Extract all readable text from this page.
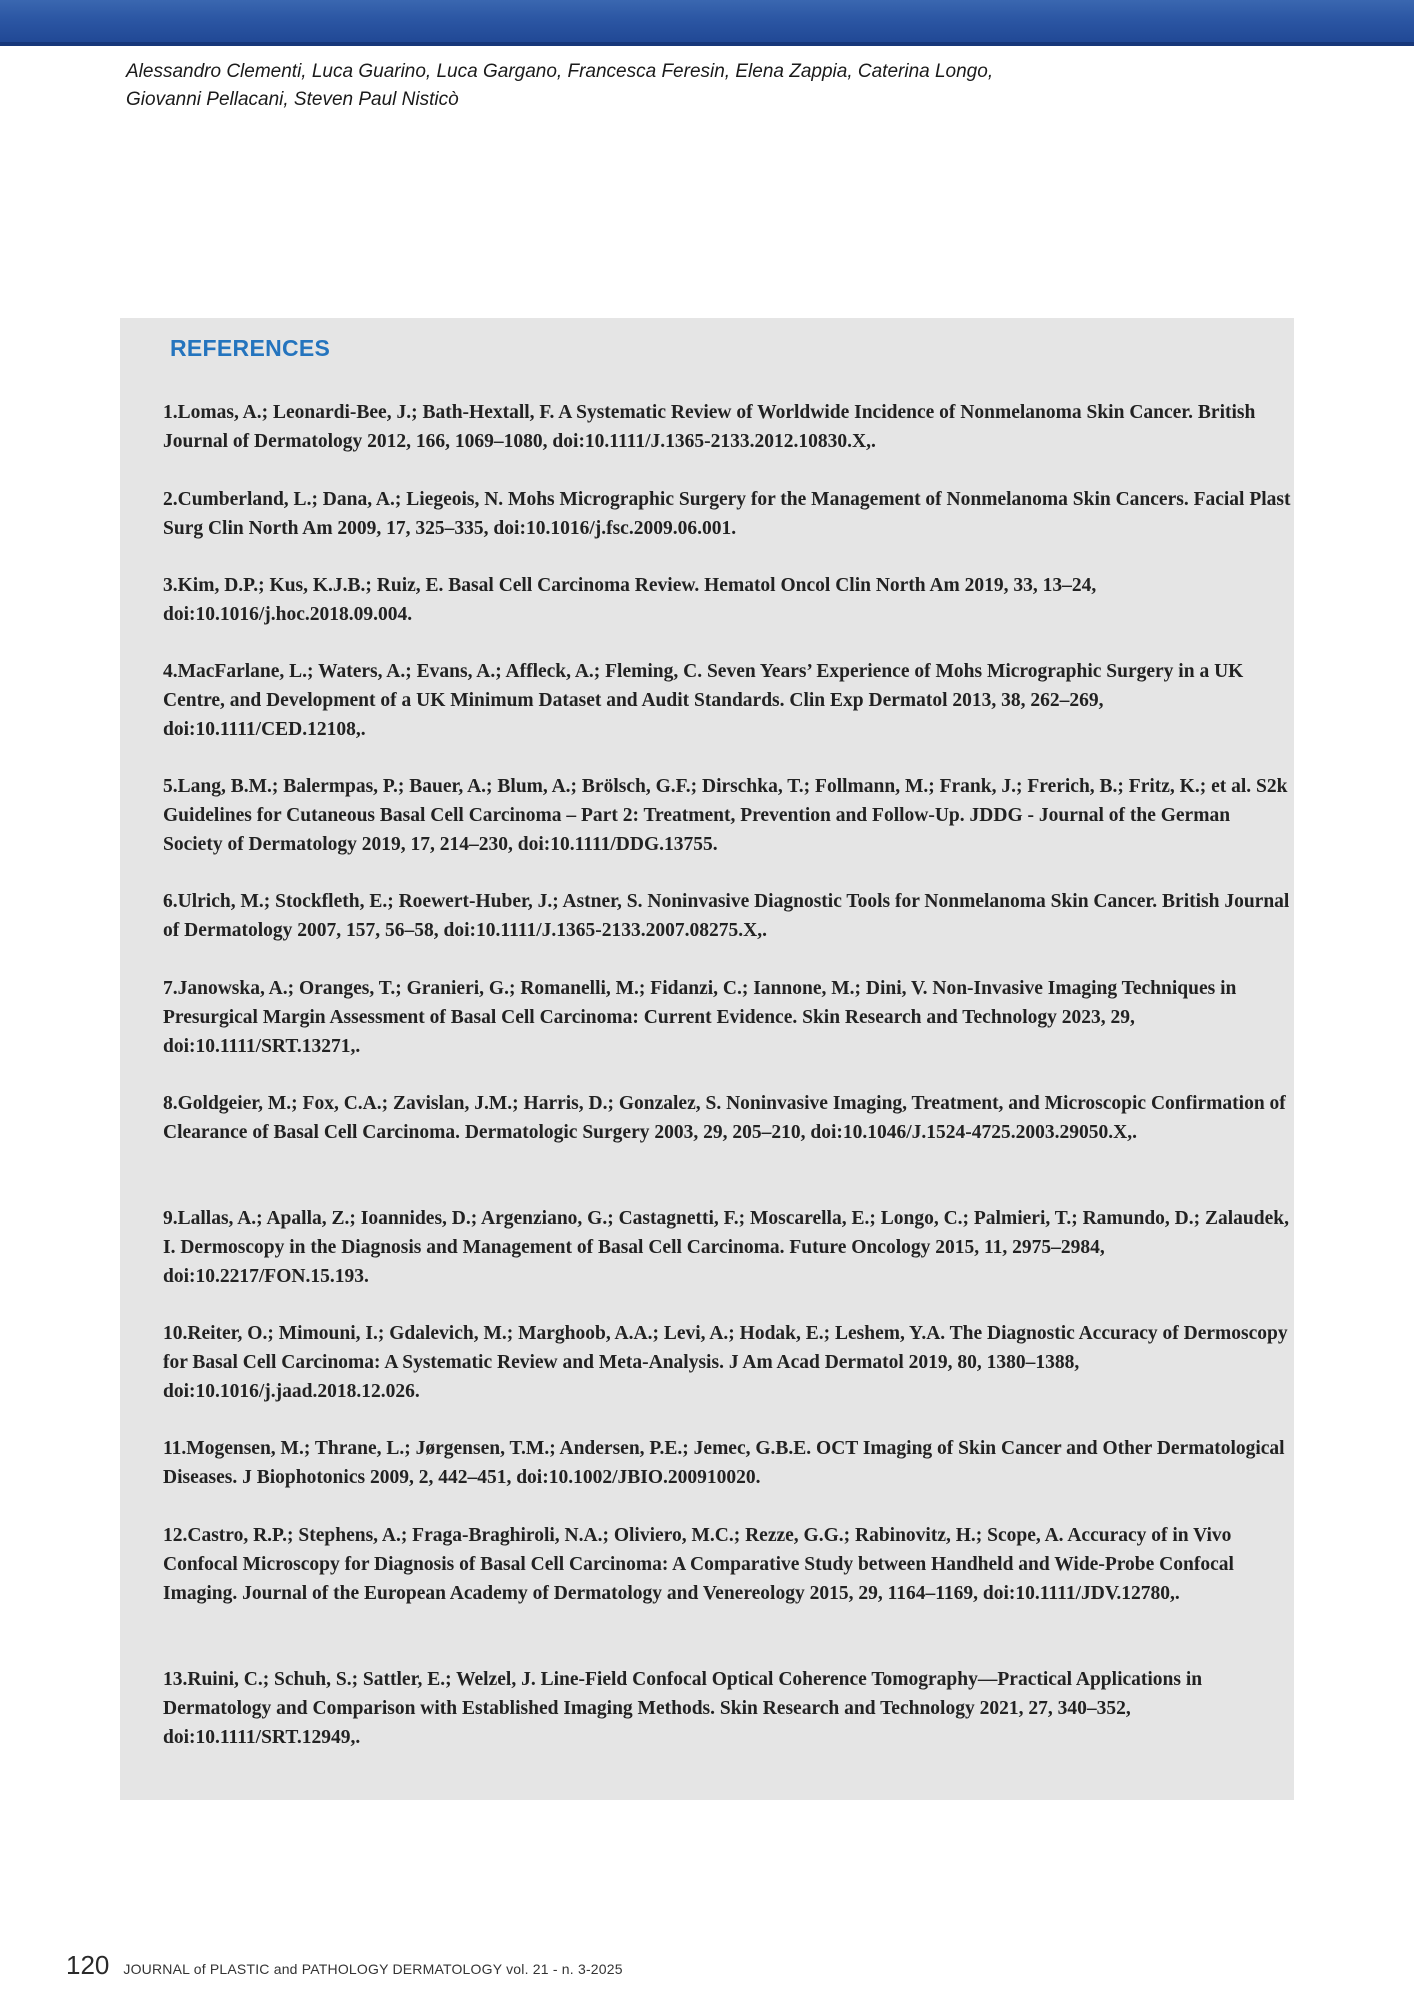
Alessandro Clementi, Luca Guarino, Luca Gargano, Francesca Feresin, Elena Zappia, Caterina Longo,
Giovanni Pellacani, Steven Paul Nisticò
REFERENCES
1.Lomas, A.; Leonardi-Bee, J.; Bath-Hextall, F. A Systematic Review of Worldwide Incidence of Nonmelanoma Skin Cancer. British Journal of Dermatology 2012, 166, 1069–1080, doi:10.1111/J.1365-2133.2012.10830.X,.
2.Cumberland, L.; Dana, A.; Liegeois, N. Mohs Micrographic Surgery for the Management of Nonmelanoma Skin Cancers. Facial Plast Surg Clin North Am 2009, 17, 325–335, doi:10.1016/j.fsc.2009.06.001.
3.Kim, D.P.; Kus, K.J.B.; Ruiz, E. Basal Cell Carcinoma Review. Hematol Oncol Clin North Am 2019, 33, 13–24, doi:10.1016/j.hoc.2018.09.004.
4.MacFarlane, L.; Waters, A.; Evans, A.; Affleck, A.; Fleming, C. Seven Years’ Experience of Mohs Micrographic Surgery in a UK Centre, and Development of a UK Minimum Dataset and Audit Standards. Clin Exp Dermatol 2013, 38, 262–269, doi:10.1111/CED.12108,.
5.Lang, B.M.; Balermpas, P.; Bauer, A.; Blum, A.; Brölsch, G.F.; Dirschka, T.; Follmann, M.; Frank, J.; Frerich, B.; Fritz, K.; et al. S2k Guidelines for Cutaneous Basal Cell Carcinoma – Part 2: Treatment, Prevention and Follow-Up. JDDG - Journal of the German Society of Dermatology 2019, 17, 214–230, doi:10.1111/DDG.13755.
6.Ulrich, M.; Stockfleth, E.; Roewert-Huber, J.; Astner, S. Noninvasive Diagnostic Tools for Nonmelanoma Skin Cancer. British Journal of Dermatology 2007, 157, 56–58, doi:10.1111/J.1365-2133.2007.08275.X,.
7.Janowska, A.; Oranges, T.; Granieri, G.; Romanelli, M.; Fidanzi, C.; Iannone, M.; Dini, V. Non-Invasive Imaging Techniques in Presurgical Margin Assessment of Basal Cell Carcinoma: Current Evidence. Skin Research and Technology 2023, 29, doi:10.1111/SRT.13271,.
8.Goldgeier, M.; Fox, C.A.; Zavislan, J.M.; Harris, D.; Gonzalez, S. Noninvasive Imaging, Treatment, and Microscopic Confirmation of Clearance of Basal Cell Carcinoma. Dermatologic Surgery 2003, 29, 205–210, doi:10.1046/J.1524-4725.2003.29050.X,.
9.Lallas, A.; Apalla, Z.; Ioannides, D.; Argenziano, G.; Castagnetti, F.; Moscarella, E.; Longo, C.; Palmieri, T.; Ramundo, D.; Zalaudek, I. Dermoscopy in the Diagnosis and Management of Basal Cell Carcinoma. Future Oncology 2015, 11, 2975–2984, doi:10.2217/FON.15.193.
10.Reiter, O.; Mimouni, I.; Gdalevich, M.; Marghoob, A.A.; Levi, A.; Hodak, E.; Leshem, Y.A. The Diagnostic Accuracy of Dermoscopy for Basal Cell Carcinoma: A Systematic Review and Meta-Analysis. J Am Acad Dermatol 2019, 80, 1380–1388, doi:10.1016/j.jaad.2018.12.026.
11.Mogensen, M.; Thrane, L.; Jørgensen, T.M.; Andersen, P.E.; Jemec, G.B.E. OCT Imaging of Skin Cancer and Other Dermatological Diseases. J Biophotonics 2009, 2, 442–451, doi:10.1002/JBIO.200910020.
12.Castro, R.P.; Stephens, A.; Fraga-Braghiroli, N.A.; Oliviero, M.C.; Rezze, G.G.; Rabinovitz, H.; Scope, A. Accuracy of in Vivo Confocal Microscopy for Diagnosis of Basal Cell Carcinoma: A Comparative Study between Handheld and Wide-Probe Confocal Imaging. Journal of the European Academy of Dermatology and Venereology 2015, 29, 1164–1169, doi:10.1111/JDV.12780,.
13.Ruini, C.; Schuh, S.; Sattler, E.; Welzel, J. Line-Field Confocal Optical Coherence Tomography—Practical Applications in Dermatology and Comparison with Established Imaging Methods. Skin Research and Technology 2021, 27, 340–352, doi:10.1111/SRT.12949,.
120 JOURNAL of PLASTIC and PATHOLOGY DERMATOLOGY vol. 21 - n. 3-2025
